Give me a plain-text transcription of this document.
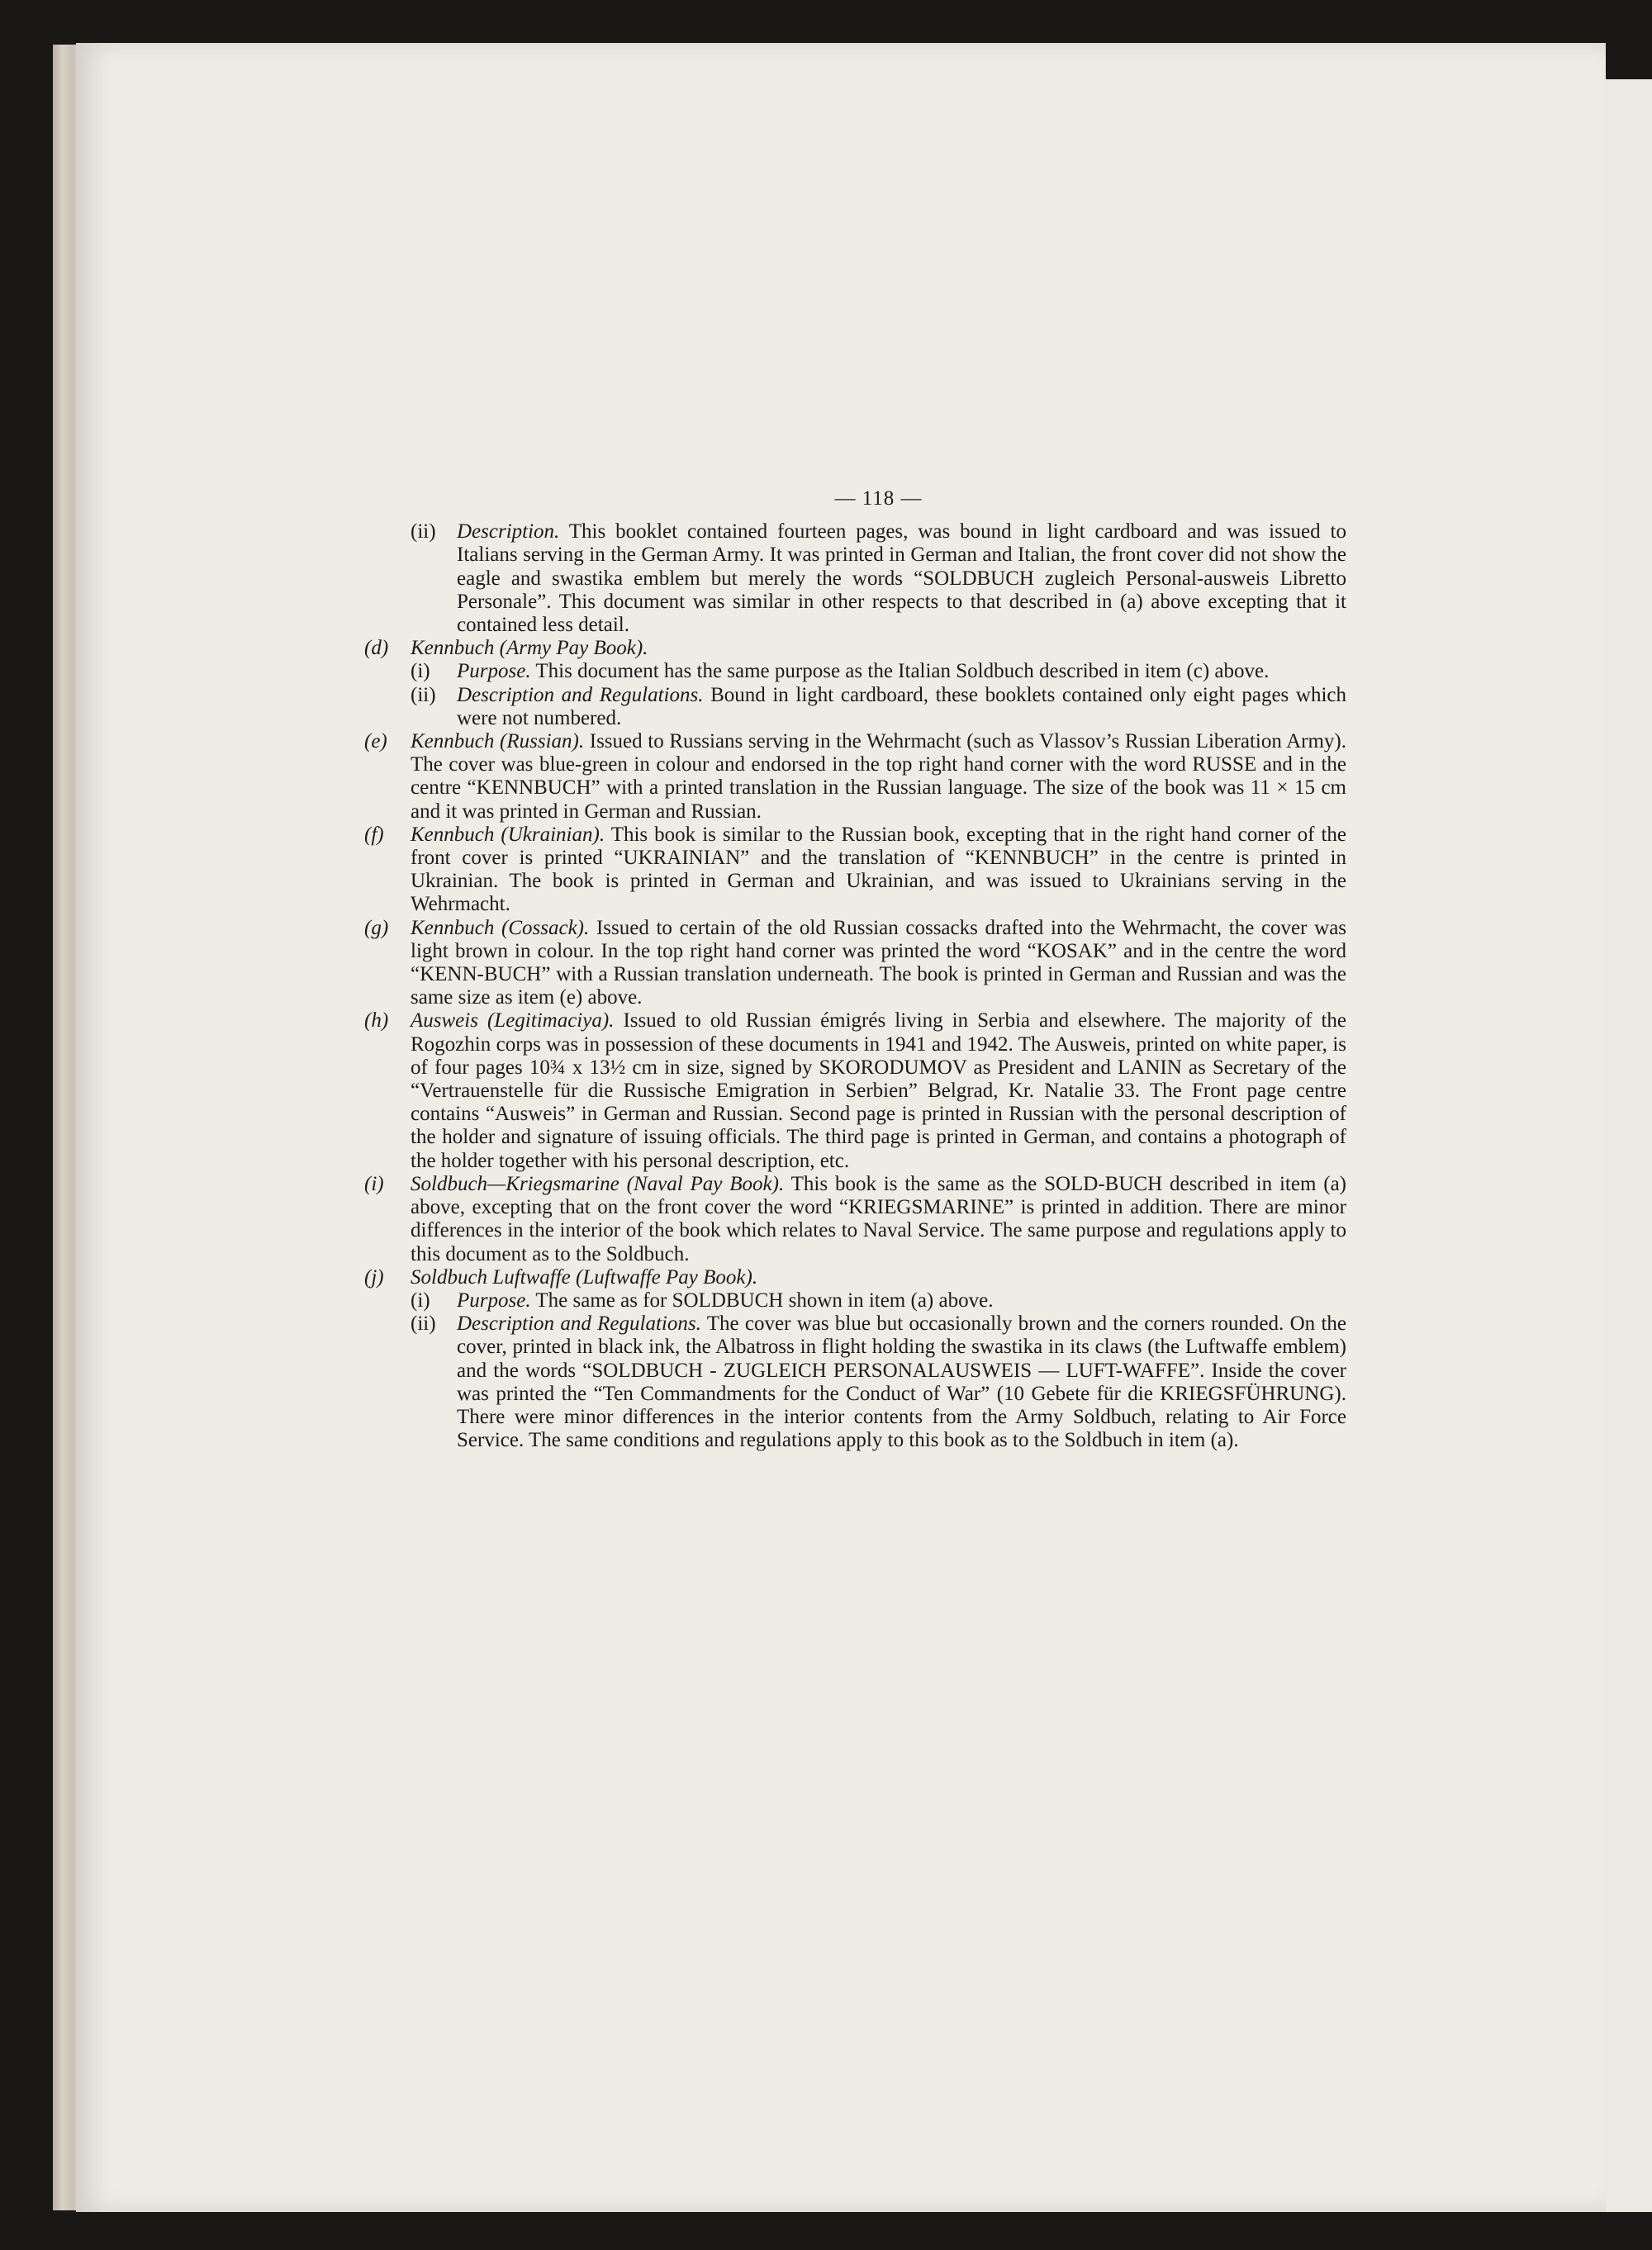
— 118 —

(ii) Description. This booklet contained fourteen pages, was bound in light cardboard and was issued to Italians serving in the German Army. It was printed in German and Italian, the front cover did not show the eagle and swastika emblem but merely the words “SOLDBUCH zugleich Personal-ausweis Libretto Personale”. This document was similar in other respects to that described in (a) above excepting that it contained less detail.

(d) Kennbuch (Army Pay Book).

(i) Purpose. This document has the same purpose as the Italian Soldbuch described in item (c) above.

(ii) Description and Regulations. Bound in light cardboard, these booklets contained only eight pages which were not numbered.

(e) Kennbuch (Russian). Issued to Russians serving in the Wehrmacht (such as Vlassov’s Russian Liberation Army). The cover was blue-green in colour and endorsed in the top right hand corner with the word RUSSE and in the centre “KENNBUCH” with a printed translation in the Russian language. The size of the book was 11 × 15 cm and it was printed in German and Russian.

(f) Kennbuch (Ukrainian). This book is similar to the Russian book, excepting that in the right hand corner of the front cover is printed “UKRAINIAN” and the translation of “KENNBUCH” in the centre is printed in Ukrainian. The book is printed in German and Ukrainian, and was issued to Ukrainians serving in the Wehrmacht.

(g) Kennbuch (Cossack). Issued to certain of the old Russian cossacks drafted into the Wehrmacht, the cover was light brown in colour. In the top right hand corner was printed the word “KOSAK” and in the centre the word “KENN-BUCH” with a Russian translation underneath. The book is printed in German and Russian and was the same size as item (e) above.

(h) Ausweis (Legitimaciya). Issued to old Russian émigrés living in Serbia and elsewhere. The majority of the Rogozhin corps was in possession of these documents in 1941 and 1942. The Ausweis, printed on white paper, is of four pages 10¾ x 13½ cm in size, signed by SKORODUMOV as President and LANIN as Secretary of the “Vertrauenstelle für die Russische Emigration in Serbien” Belgrad, Kr. Natalie 33. The Front page centre contains “Ausweis” in German and Russian. Second page is printed in Russian with the personal description of the holder and signature of issuing officials. The third page is printed in German, and contains a photograph of the holder together with his personal description, etc.

(i) Soldbuch—Kriegsmarine (Naval Pay Book). This book is the same as the SOLD-BUCH described in item (a) above, excepting that on the front cover the word “KRIEGSMARINE” is printed in addition. There are minor differences in the interior of the book which relates to Naval Service. The same purpose and regulations apply to this document as to the Soldbuch.

(j) Soldbuch Luftwaffe (Luftwaffe Pay Book).

(i) Purpose. The same as for SOLDBUCH shown in item (a) above.

(ii) Description and Regulations. The cover was blue but occasionally brown and the corners rounded. On the cover, printed in black ink, the Albatross in flight holding the swastika in its claws (the Luftwaffe emblem) and the words “SOLDBUCH - ZUGLEICH PERSONALAUSWEIS — LUFT-WAFFE”. Inside the cover was printed the “Ten Commandments for the Conduct of War” (10 Gebete für die KRIEGSFÜHRUNG). There were minor differences in the interior contents from the Army Soldbuch, relating to Air Force Service. The same conditions and regulations apply to this book as to the Soldbuch in item (a).
